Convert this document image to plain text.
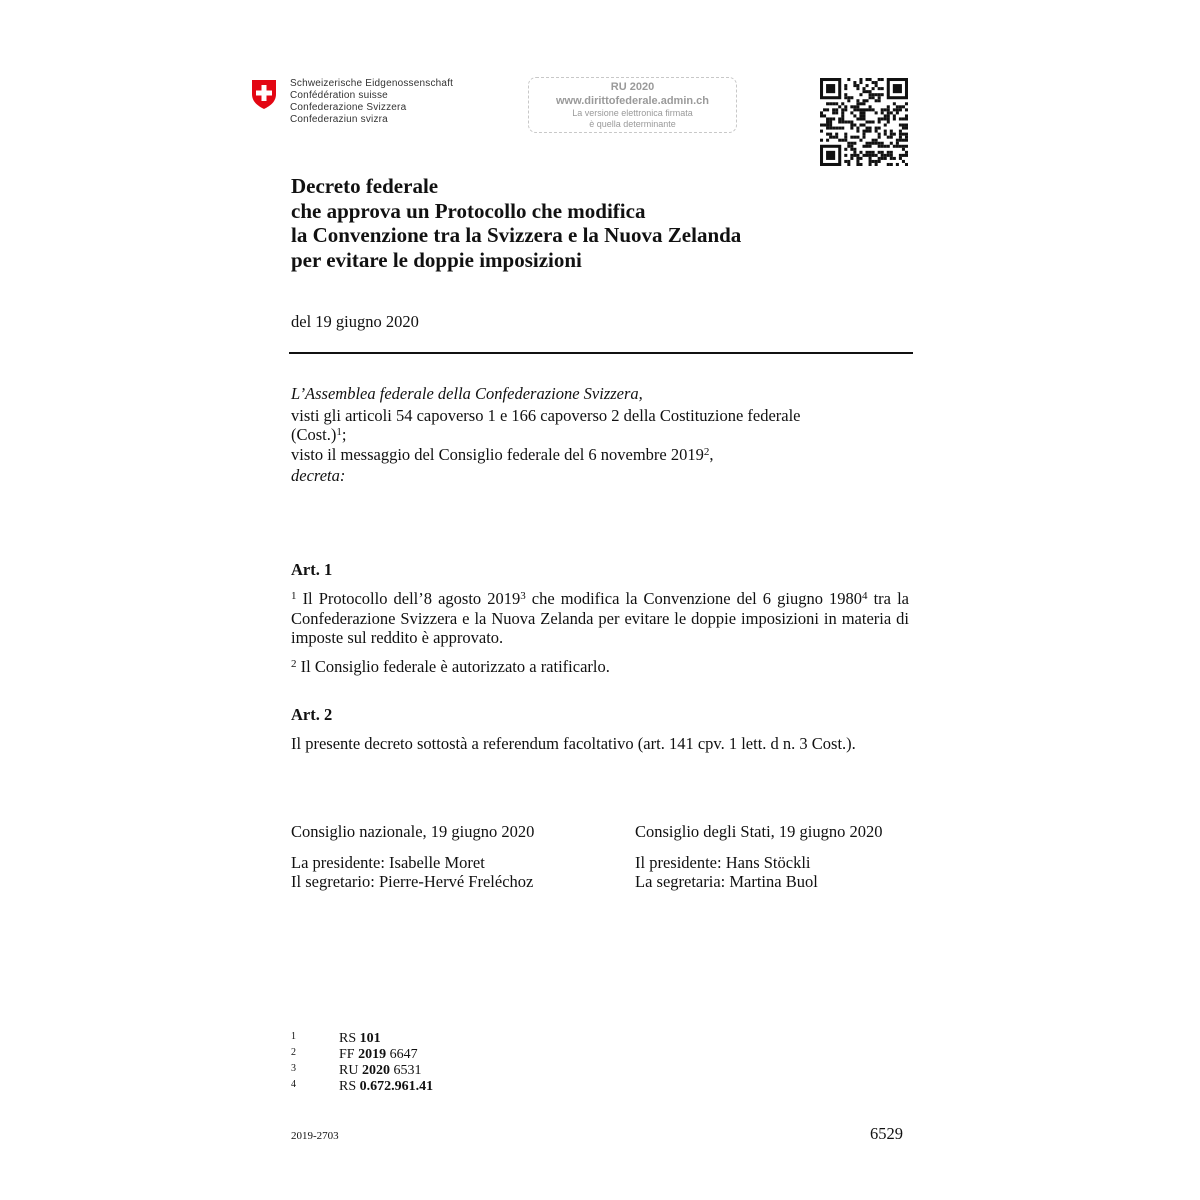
Schweizerische Eidgenossenschaft
Confédération suisse
Confederazione Svizzera
Confederaziun svizra
RU 2020
www.dirittofederale.admin.ch
La versione elettronica firmata
è quella determinante
Decreto federale
che approva un Protocollo che modifica
la Convenzione tra la Svizzera e la Nuova Zelanda
per evitare le doppie imposizioni
del 19 giugno 2020
L’Assemblea federale della Confederazione Svizzera,
visti gli articoli 54 capoverso 1 e 166 capoverso 2 della Costituzione federale
(Cost.)$^1$;
visto il messaggio del Consiglio federale del 6 novembre 2019$^2$,
decreta:
Art. 1
$^1$ Il Protocollo dell’8 agosto 2019$^3$ che modifica la Convenzione del 6 giugno 1980$^4$ tra la Confederazione Svizzera e la Nuova Zelanda per evitare le doppie imposizioni in materia di imposte sul reddito è approvato.
$^2$ Il Consiglio federale è autorizzato a ratificarlo.
Art. 2
Il presente decreto sottostà a referendum facoltativo (art. 141 cpv. 1 lett. d n. 3 Cost.).
Consiglio nazionale, 19 giugno 2020
La presidente: Isabelle Moret
Il segretario: Pierre-Hervé Freléchoz
Consiglio degli Stati, 19 giugno 2020
Il presidente: Hans Stöckli
La segretaria: Martina Buol
1	RS 101
2	FF 2019 6647
3	RU 2020 6531
4	RS 0.672.961.41
2019-2703	6529
